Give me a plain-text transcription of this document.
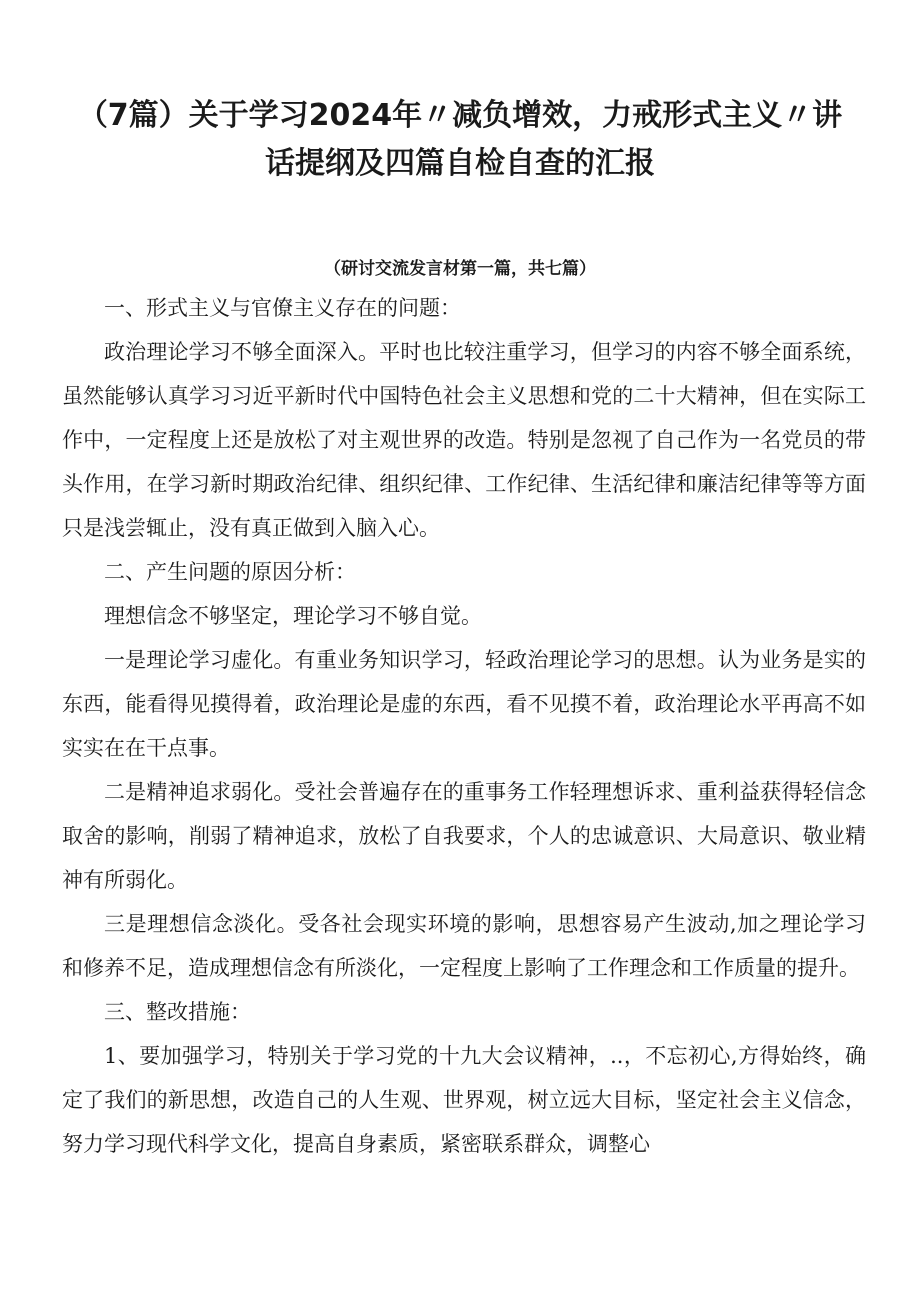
（7篇）关于学习2024年〃减负增效，力戒形式主义〃讲话提纲及四篇自检自查的汇报
（研讨交流发言材第一篇，共七篇）

一、形式主义与官僚主义存在的问题：

政治理论学习不够全面深入。平时也比较注重学习，但学习的内容不够全面系统，虽然能够认真学习习近平新时代中国特色社会主义思想和党的二十大精神，但在实际工作中，一定程度上还是放松了对主观世界的改造。特别是忽视了自己作为一名党员的带头作用，在学习新时期政治纪律、组织纪律、工作纪律、生活纪律和廉洁纪律等等方面只是浅尝辄止，没有真正做到入脑入心。

二、产生问题的原因分析：

理想信念不够坚定，理论学习不够自觉。

一是理论学习虚化。有重业务知识学习，轻政治理论学习的思想。认为业务是实的东西，能看得见摸得着，政治理论是虚的东西，看不见摸不着，政治理论水平再高不如实实在在干点事。

二是精神追求弱化。受社会普遍存在的重事务工作轻理想诉求、重利益获得轻信念取舍的影响，削弱了精神追求，放松了自我要求，个人的忠诚意识、大局意识、敬业精神有所弱化。

三是理想信念淡化。受各社会现实环境的影响，思想容易产生波动,加之理论学习和修养不足，造成理想信念有所淡化，一定程度上影响了工作理念和工作质量的提升。

三、整改措施：

1、要加强学习，特别关于学习党的十九大会议精神，..，不忘初心,方得始终，确定了我们的新思想，改造自己的人生观、世界观，树立远大目标，坚定社会主义信念，努力学习现代科学文化，提高自身素质，紧密联系群众，调整心
